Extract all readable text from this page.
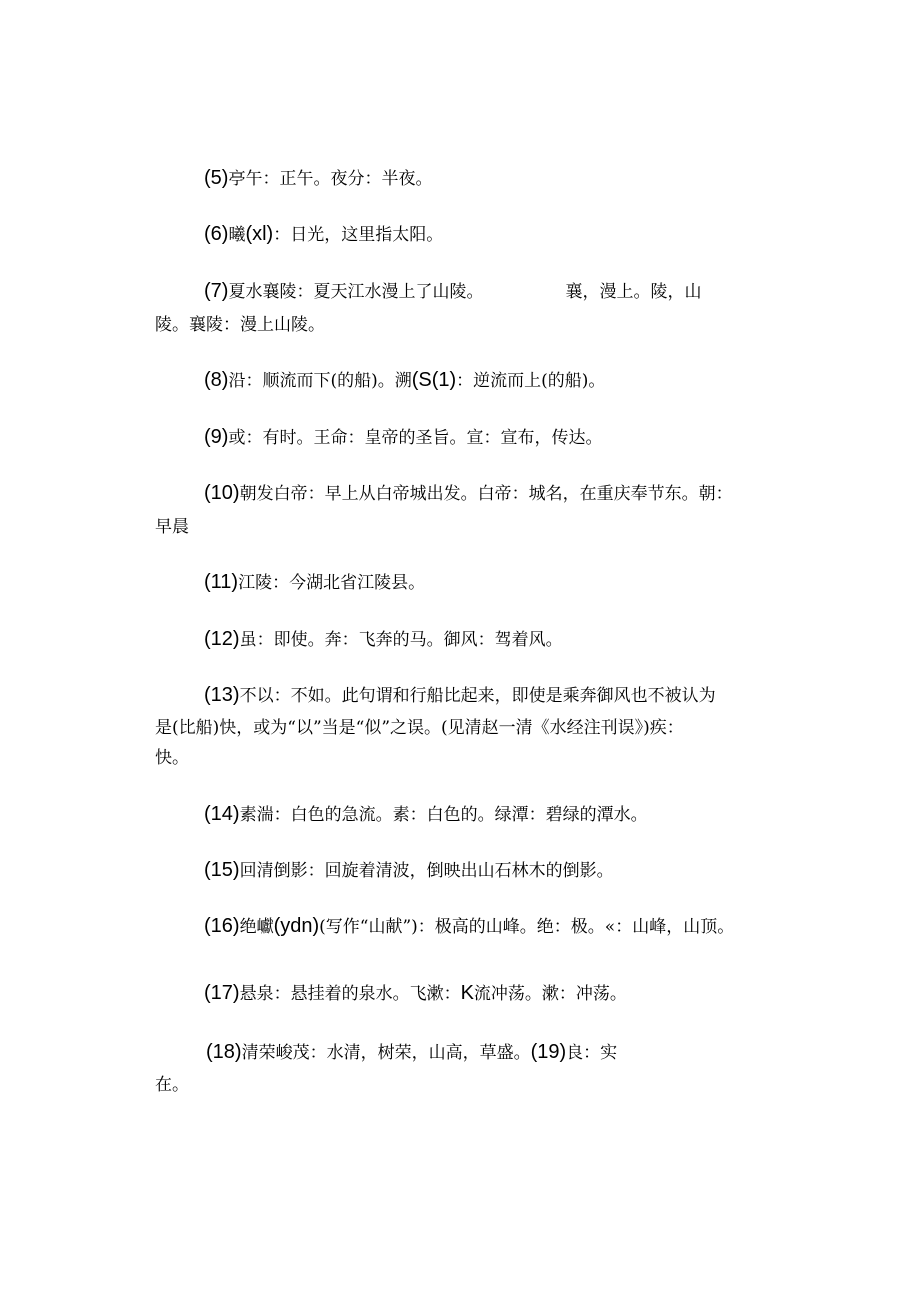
(5)亭午：正午。夜分：半夜。
(6)曦(xl)：日光，这里指太阳。
(7)夏水襄陵：夏天江水漫上了山陵。	襄，漫上。陵，山
陵。襄陵：漫上山陵。
(8)沿：顺流而下(的船)。溯(S(1)：逆流而上(的船)。
(9)或：有时。王命：皇帝的圣旨。宣：宣布，传达。
(10)朝发白帝：早上从白帝城出发。白帝：城名，在重庆奉节东。朝：
早晨
(11)江陵：今湖北省江陵县。
(12)虽：即使。奔：飞奔的马。御风：驾着风。
(13)不以：不如。此句谓和行船比起来，即使是乘奔御风也不被认为
是(比船)快，或为“以”当是“似”之误。(见清赵一清《水经注刊误》)疾：
快。
(14)素湍：白色的急流。素：白色的。绿潭：碧绿的潭水。
(15)回清倒影：回旋着清波，倒映出山石林木的倒影。
(16)绝巘(ydn)(写作“山献”)：极高的山峰。绝：极。«：山峰，山顶。
(17)悬泉：悬挂着的泉水。飞漱：K流冲荡。漱：冲荡。
(18)清荣峻茂：水清，树荣，山高，草盛。(19)良：实
在。
